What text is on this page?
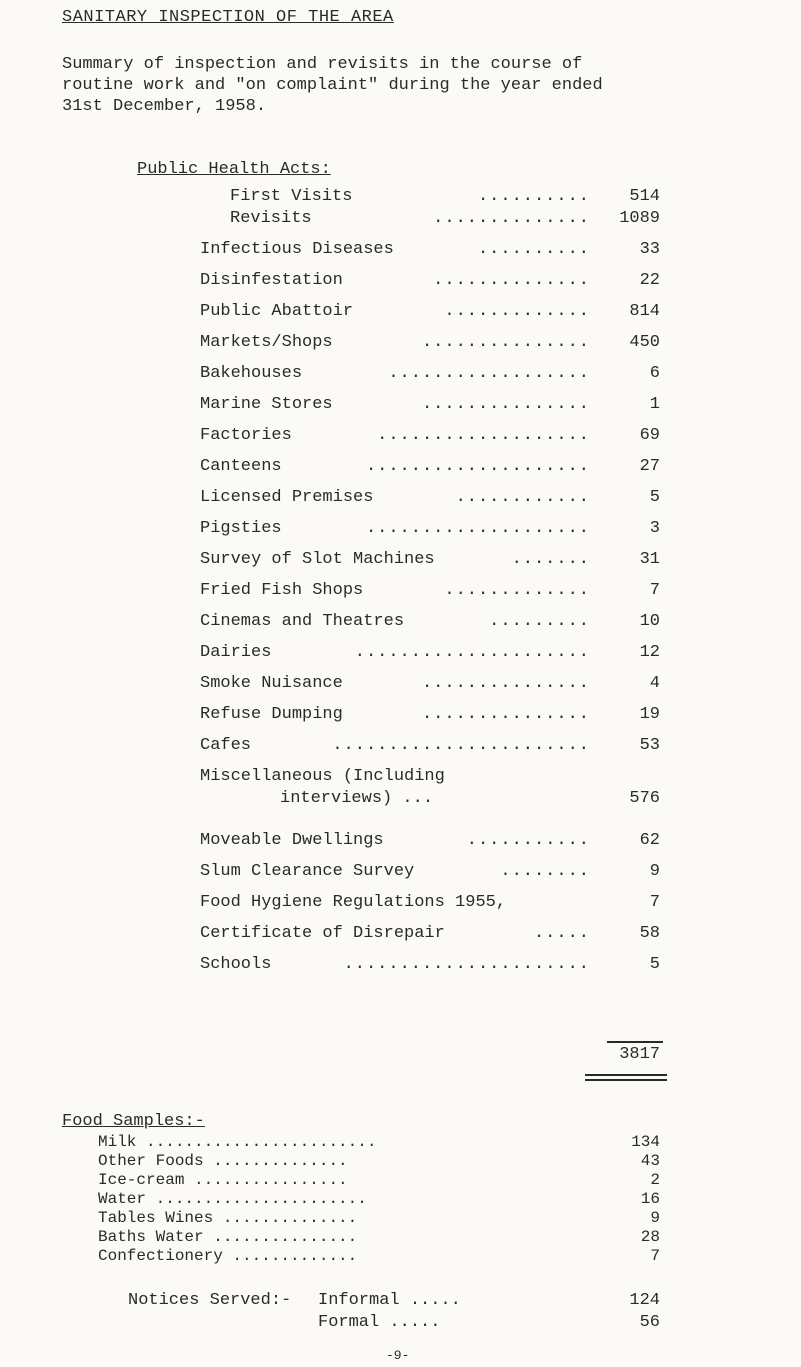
SANITARY INSPECTION OF THE AREA
Summary of inspection and revisits in the course of
routine work and "on complaint" during the year ended
31st December, 1958.
Public Health Acts:
First Visits	..........	514
Revisits	..............	1089
Infectious Diseases	..........	33
Disinfestation	..............	22
Public Abattoir	.............	814
Markets/Shops	...............	450
Bakehouses	..................	6
Marine Stores	...............	1
Factories	...................	69
Canteens	....................	27
Licensed Premises	............	5
Pigsties	....................	3
Survey of Slot Machines	.......	31
Fried Fish Shops	.............	7
Cinemas and Theatres	.........	10
Dairies	.....................	12
Smoke Nuisance	...............	4
Refuse Dumping	...............	19
Cafes	.......................	53
Miscellaneous (Including
interviews) ...	576
Moveable Dwellings	...........	62
Slum Clearance Survey	........	9
Food Hygiene Regulations 1955,	7
Certificate of Disrepair	.....	58
Schools	......................	5
3817
Food Samples:-
Milk ........................	134
Other Foods ..............	43
Ice-cream ................	2
Water ......................	16
Tables Wines ..............	9
Baths Water ...............	28
Confectionery .............	7
Notices Served:- Informal .....	124
Formal .....	56
-9-
